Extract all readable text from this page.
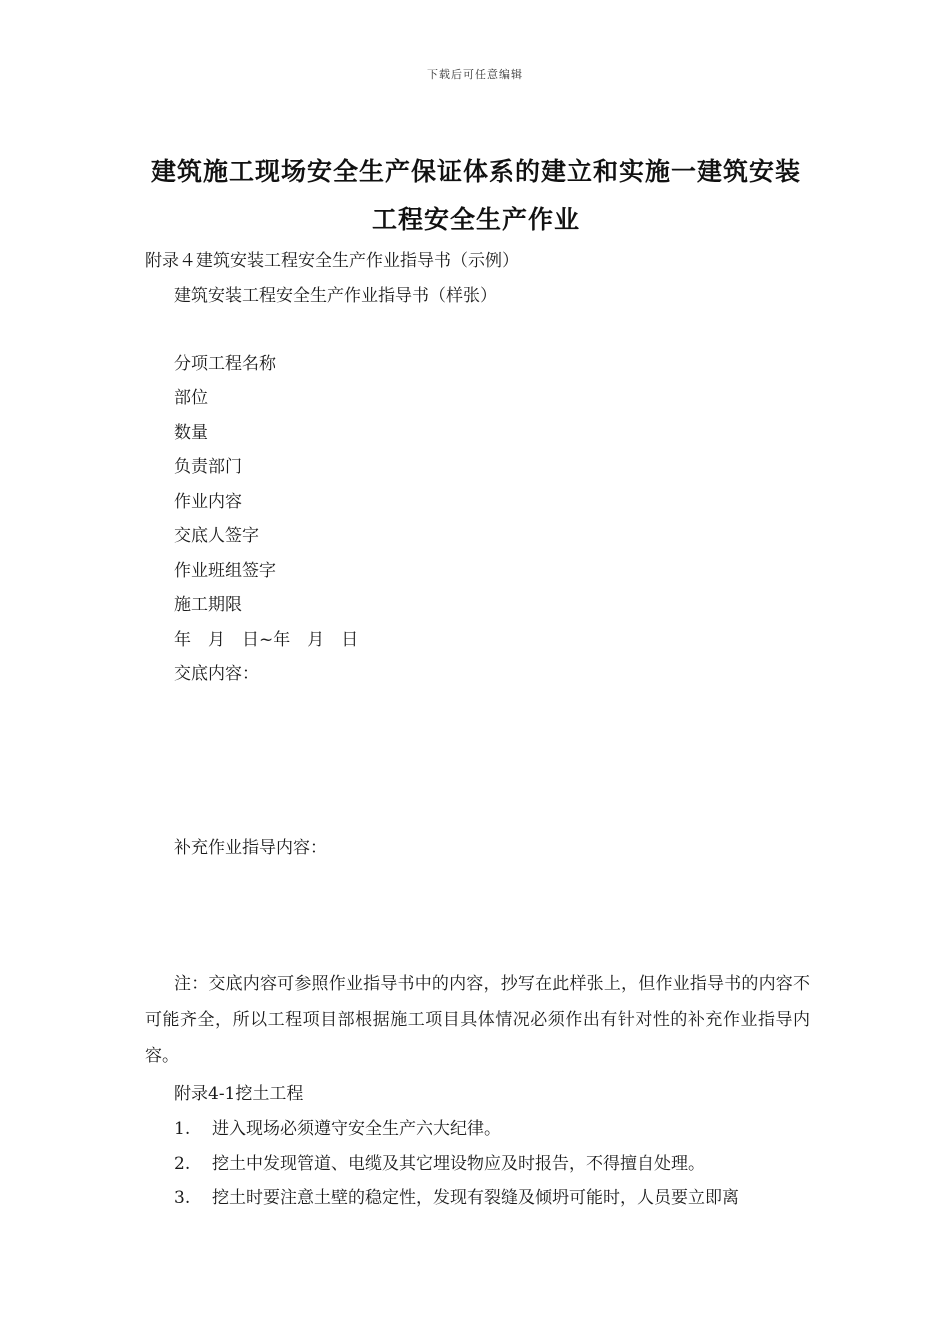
下载后可任意编辑
建筑施工现场安全生产保证体系的建立和实施一建筑安装工程安全生产作业
附录４建筑安装工程安全生产作业指导书（示例）
建筑安装工程安全生产作业指导书（样张）
分项工程名称
部位
数量
负责部门
作业内容
交底人签字
作业班组签字
施工期限
年　月　日~年　月　日
交底内容：
补充作业指导内容：
注：交底内容可参照作业指导书中的内容，抄写在此样张上，但作业指导书的内容不可能齐全，所以工程项目部根据施工项目具体情况必须作出有针对性的补充作业指导内容。
附录4-1挖土工程
1. 进入现场必须遵守安全生产六大纪律。
2. 挖土中发现管道、电缆及其它埋设物应及时报告，不得擅自处理。
3. 挖土时要注意土壁的稳定性，发现有裂缝及倾坍可能时，人员要立即离
